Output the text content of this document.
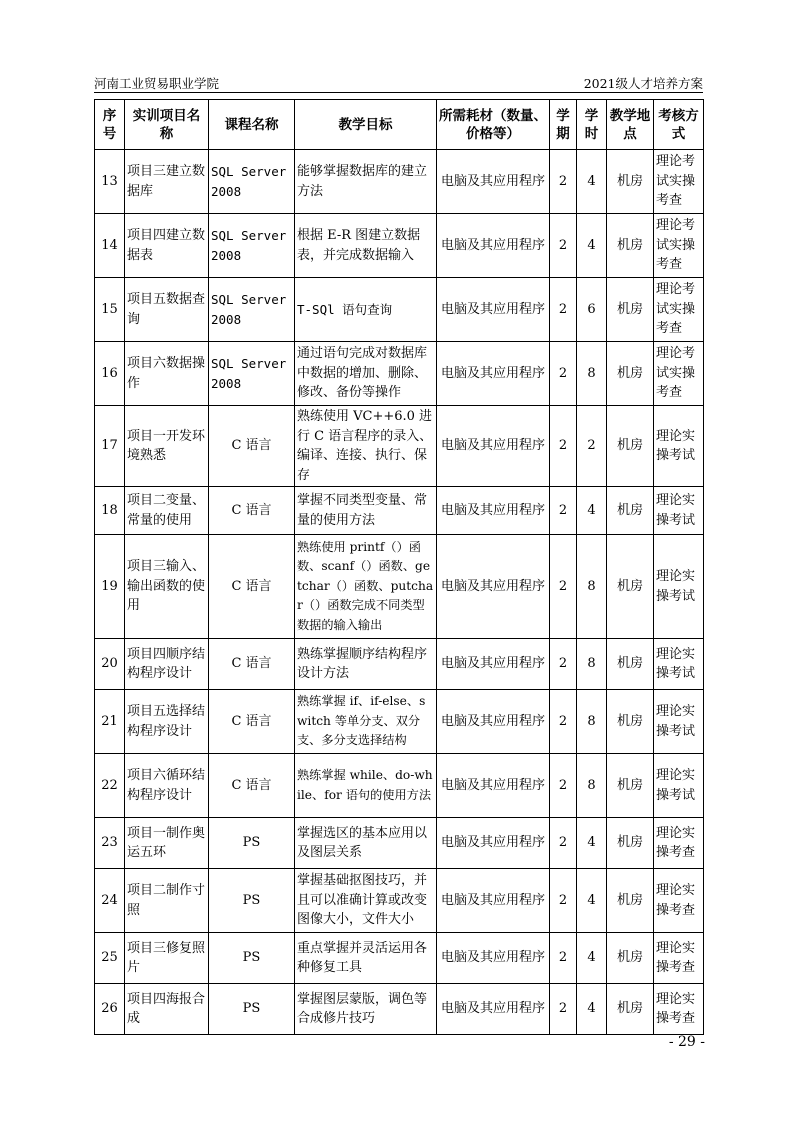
河南工业贸易职业学院	2021级人才培养方案
序号	实训项目名称	课程名称	教学目标	所需耗材（数量、价格等）	学期	学时	教学地点	考核方式
13	项目三建立数据库	SQL Server 2008	能够掌握数据库的建立方法	电脑及其应用程序	2	4	机房	理论考试实操考查
14	项目四建立数据表	SQL Server 2008	根据 E-R 图建立数据表，并完成数据输入	电脑及其应用程序	2	4	机房	理论考试实操考查
15	项目五数据查询	SQL Server 2008	T-SQl 语句查询	电脑及其应用程序	2	6	机房	理论考试实操考查
16	项目六数据操作	SQL Server 2008	通过语句完成对数据库中数据的增加、删除、修改、备份等操作	电脑及其应用程序	2	8	机房	理论考试实操考查
17	项目一开发环境熟悉	C 语言	熟练使用 VC++6.0 进行 C 语言程序的录入、编译、连接、执行、保存	电脑及其应用程序	2	2	机房	理论实操考试
18	项目二变量、常量的使用	C 语言	掌握不同类型变量、常量的使用方法	电脑及其应用程序	2	4	机房	理论实操考试
19	项目三输入、输出函数的使用	C 语言	熟练使用 printf（）函数、scanf（）函数、getchar（）函数、putchar（）函数完成不同类型数据的输入输出	电脑及其应用程序	2	8	机房	理论实操考试
20	项目四顺序结构程序设计	C 语言	熟练掌握顺序结构程序设计方法	电脑及其应用程序	2	8	机房	理论实操考试
21	项目五选择结构程序设计	C 语言	熟练掌握 if、if-else、switch 等单分支、双分支、多分支选择结构	电脑及其应用程序	2	8	机房	理论实操考试
22	项目六循环结构程序设计	C 语言	熟练掌握 while、do-while、for 语句的使用方法	电脑及其应用程序	2	8	机房	理论实操考试
23	项目一制作奥运五环	PS	掌握选区的基本应用以及图层关系	电脑及其应用程序	2	4	机房	理论实操考查
24	项目二制作寸照	PS	掌握基础抠图技巧，并且可以准确计算或改变图像大小，文件大小	电脑及其应用程序	2	4	机房	理论实操考查
25	项目三修复照片	PS	重点掌握并灵活运用各种修复工具	电脑及其应用程序	2	4	机房	理论实操考查
26	项目四海报合成	PS	掌握图层蒙版，调色等合成修片技巧	电脑及其应用程序	2	4	机房	理论实操考查
- 29 -
